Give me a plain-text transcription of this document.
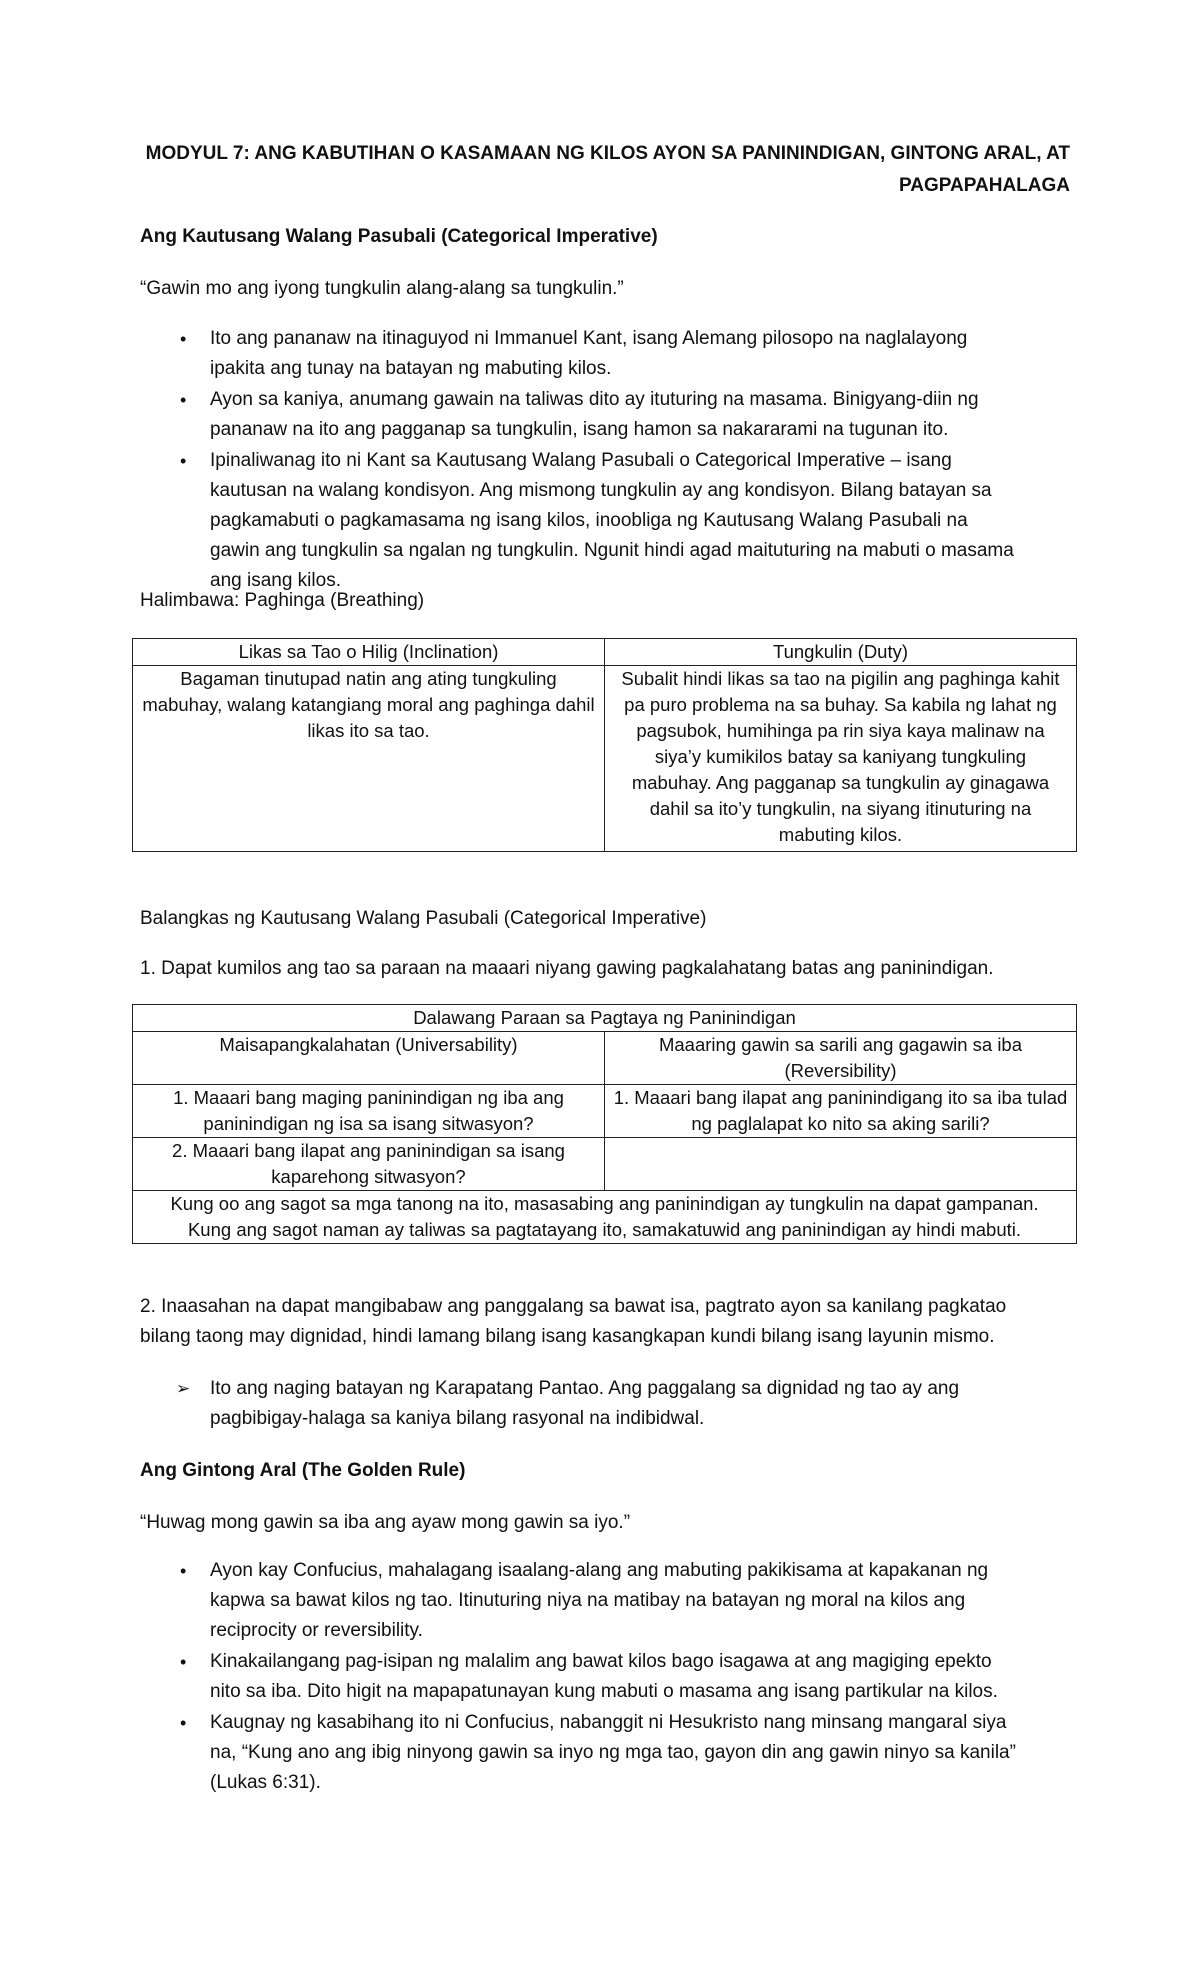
MODYUL 7: ANG KABUTIHAN O KASAMAAN NG KILOS AYON SA PANININDIGAN, GINTONG ARAL, AT
PAGPAPAHALAGA
Ang Kautusang Walang Pasubali (Categorical Imperative)
“Gawin mo ang iyong tungkulin alang-alang sa tungkulin.”
• Ito ang pananaw na itinaguyod ni Immanuel Kant, isang Alemang pilosopo na naglalayong ipakita ang tunay na batayan ng mabuting kilos.
• Ayon sa kaniya, anumang gawain na taliwas dito ay ituturing na masama. Binigyang-diin ng pananaw na ito ang pagganap sa tungkulin, isang hamon sa nakararami na tugunan ito.
• Ipinaliwanag ito ni Kant sa Kautusang Walang Pasubali o Categorical Imperative – isang kautusan na walang kondisyon. Ang mismong tungkulin ay ang kondisyon. Bilang batayan sa pagkamabuti o pagkamasama ng isang kilos, inoobliga ng Kautusang Walang Pasubali na gawin ang tungkulin sa ngalan ng tungkulin. Ngunit hindi agad maituturing na mabuti o masama ang isang kilos.
Halimbawa: Paghinga (Breathing)
Likas sa Tao o Hilig (Inclination)	Tungkulin (Duty)
Bagaman tinutupad natin ang ating tungkuling mabuhay, walang katangiang moral ang paghinga dahil likas ito sa tao.	Subalit hindi likas sa tao na pigilin ang paghinga kahit pa puro problema na sa buhay. Sa kabila ng lahat ng pagsubok, humihinga pa rin siya kaya malinaw na siya’y kumikilos batay sa kaniyang tungkuling mabuhay. Ang pagganap sa tungkulin ay ginagawa dahil sa ito’y tungkulin, na siyang itinuturing na mabuting kilos.
Balangkas ng Kautusang Walang Pasubali (Categorical Imperative)
1. Dapat kumilos ang tao sa paraan na maaari niyang gawing pagkalahatang batas ang paninindigan.
Dalawang Paraan sa Pagtaya ng Paninindigan	
Maisapangkalahatan (Universability)	Maaaring gawin sa sarili ang gagawin sa iba (Reversibility)
1. Maaari bang maging paninindigan ng iba ang paninindigan ng isa sa isang sitwasyon?	1. Maaari bang ilapat ang paninindigang ito sa iba tulad ng paglalapat ko nito sa aking sarili?
2. Maaari bang ilapat ang paninindigan sa isang kaparehong sitwasyon?	

Kung oo ang sagot sa mga tanong na ito, masasabing ang paninindigan ay tungkulin na dapat gampanan.
Kung ang sagot naman ay taliwas sa pagtatayang ito, samakatuwid ang paninindigan ay hindi mabuti.	
2. Inaasahan na dapat mangibabaw ang panggalang sa bawat isa, pagtrato ayon sa kanilang pagkatao bilang taong may dignidad, hindi lamang bilang isang kasangkapan kundi bilang isang layunin mismo.
➢ Ito ang naging batayan ng Karapatang Pantao. Ang paggalang sa dignidad ng tao ay ang pagbibigay-halaga sa kaniya bilang rasyonal na indibidwal.
Ang Gintong Aral (The Golden Rule)
“Huwag mong gawin sa iba ang ayaw mong gawin sa iyo.”
• Ayon kay Confucius, mahalagang isaalang-alang ang mabuting pakikisama at kapakanan ng kapwa sa bawat kilos ng tao. Itinuturing niya na matibay na batayan ng moral na kilos ang reciprocity or reversibility.
• Kinakailangang pag-isipan ng malalim ang bawat kilos bago isagawa at ang magiging epekto nito sa iba. Dito higit na mapapatunayan kung mabuti o masama ang isang partikular na kilos.
• Kaugnay ng kasabihang ito ni Confucius, nabanggit ni Hesukristo nang minsang mangaral siya na, “Kung ano ang ibig ninyong gawin sa inyo ng mga tao, gayon din ang gawin ninyo sa kanila” (Lukas 6:31).
